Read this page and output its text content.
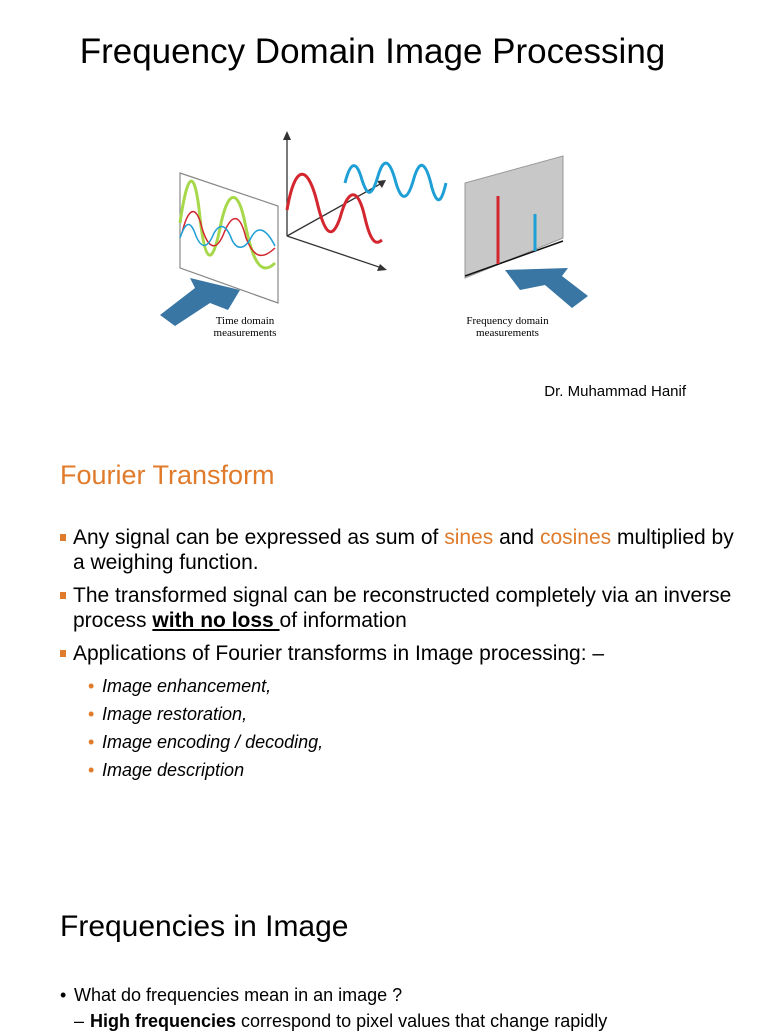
Frequency Domain Image Processing
Time domain
measurements
Frequency domain
measurements
Dr. Muhammad Hanif
Fourier Transform
Any signal can be expressed as sum of sines and cosines multiplied by a weighing function.
The transformed signal can be reconstructed completely via an inverse process with no loss of information
Applications of Fourier transforms in Image processing: –
• Image enhancement,
• Image restoration,
• Image encoding / decoding,
• Image description
Frequencies in Image
• What do frequencies mean in an image ?
– High frequencies correspond to pixel values that change rapidly
